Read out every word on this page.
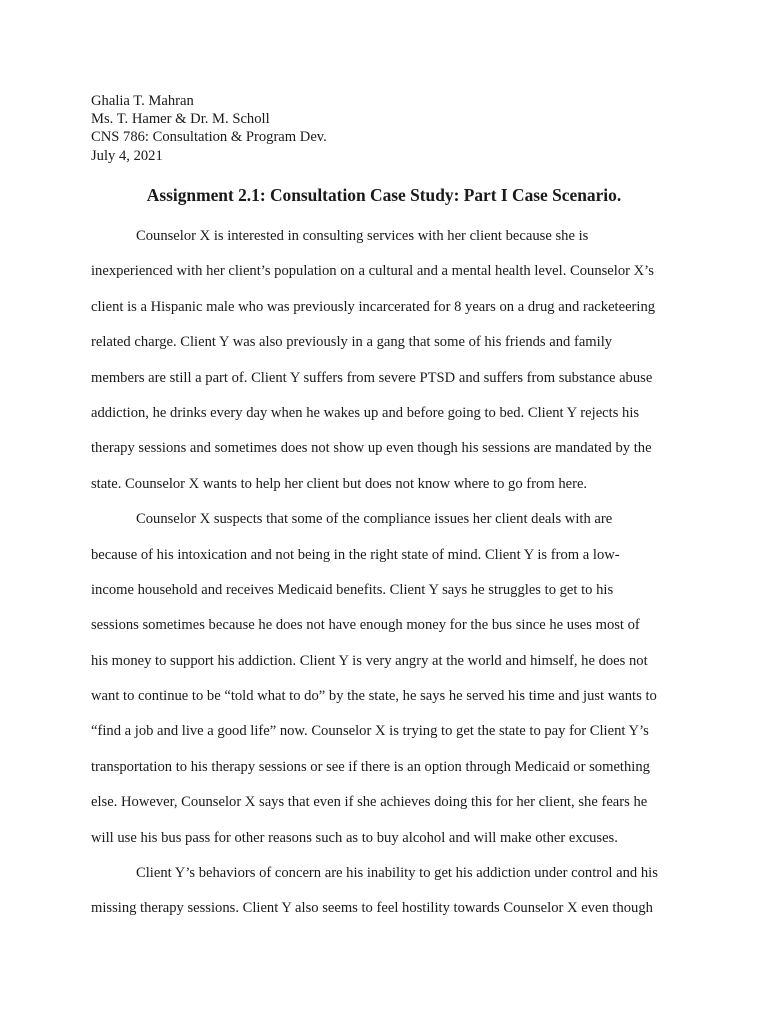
Ghalia T. Mahran
Ms. T. Hamer & Dr. M. Scholl
CNS 786: Consultation & Program Dev.
July 4, 2021
Assignment 2.1: Consultation Case Study: Part I Case Scenario.
Counselor X is interested in consulting services with her client because she is
inexperienced with her client’s population on a cultural and a mental health level. Counselor X’s
client is a Hispanic male who was previously incarcerated for 8 years on a drug and racketeering
related charge. Client Y was also previously in a gang that some of his friends and family
members are still a part of. Client Y suffers from severe PTSD and suffers from substance abuse
addiction, he drinks every day when he wakes up and before going to bed. Client Y rejects his
therapy sessions and sometimes does not show up even though his sessions are mandated by the
state. Counselor X wants to help her client but does not know where to go from here.
Counselor X suspects that some of the compliance issues her client deals with are
because of his intoxication and not being in the right state of mind. Client Y is from a low-
income household and receives Medicaid benefits. Client Y says he struggles to get to his
sessions sometimes because he does not have enough money for the bus since he uses most of
his money to support his addiction. Client Y is very angry at the world and himself, he does not
want to continue to be “told what to do” by the state, he says he served his time and just wants to
“find a job and live a good life” now. Counselor X is trying to get the state to pay for Client Y’s
transportation to his therapy sessions or see if there is an option through Medicaid or something
else. However, Counselor X says that even if she achieves doing this for her client, she fears he
will use his bus pass for other reasons such as to buy alcohol and will make other excuses.
Client Y’s behaviors of concern are his inability to get his addiction under control and his
missing therapy sessions. Client Y also seems to feel hostility towards Counselor X even though
